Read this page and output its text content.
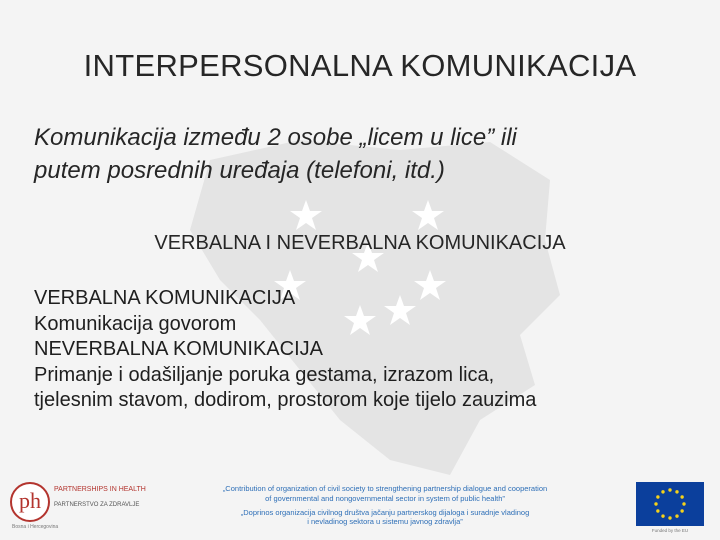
INTERPERSONALNA KOMUNIKACIJA
Komunikacija između 2 osobe „licem u lice” ili
putem posrednih uređaja (telefoni, itd.)
VERBALNA I NEVERBALNA KOMUNIKACIJA
VERBALNA KOMUNIKACIJA
Komunikacija govorom
NEVERBALNA KOMUNIKACIJA
Primanje i odašiljanje poruka gestama, izrazom lica,
tjelesnim stavom, dodirom, prostorom koje tijelo zauzima
ph	PARTNERSHIPS IN HEALTH
PARTNERSTVO ZA ZDRAVLJE
Bosna i Hercegovina
„Contribution of organization of civil society to strengthening partnership dialogue and cooperation
of governmental and nongovernmental sector in system of public health”
„Doprinos organizacija civilnog društva jačanju partnerskog dijaloga i suradnje vladinog
i nevladinog sektora u sistemu javnog zdravlja”
Funded by the EU
